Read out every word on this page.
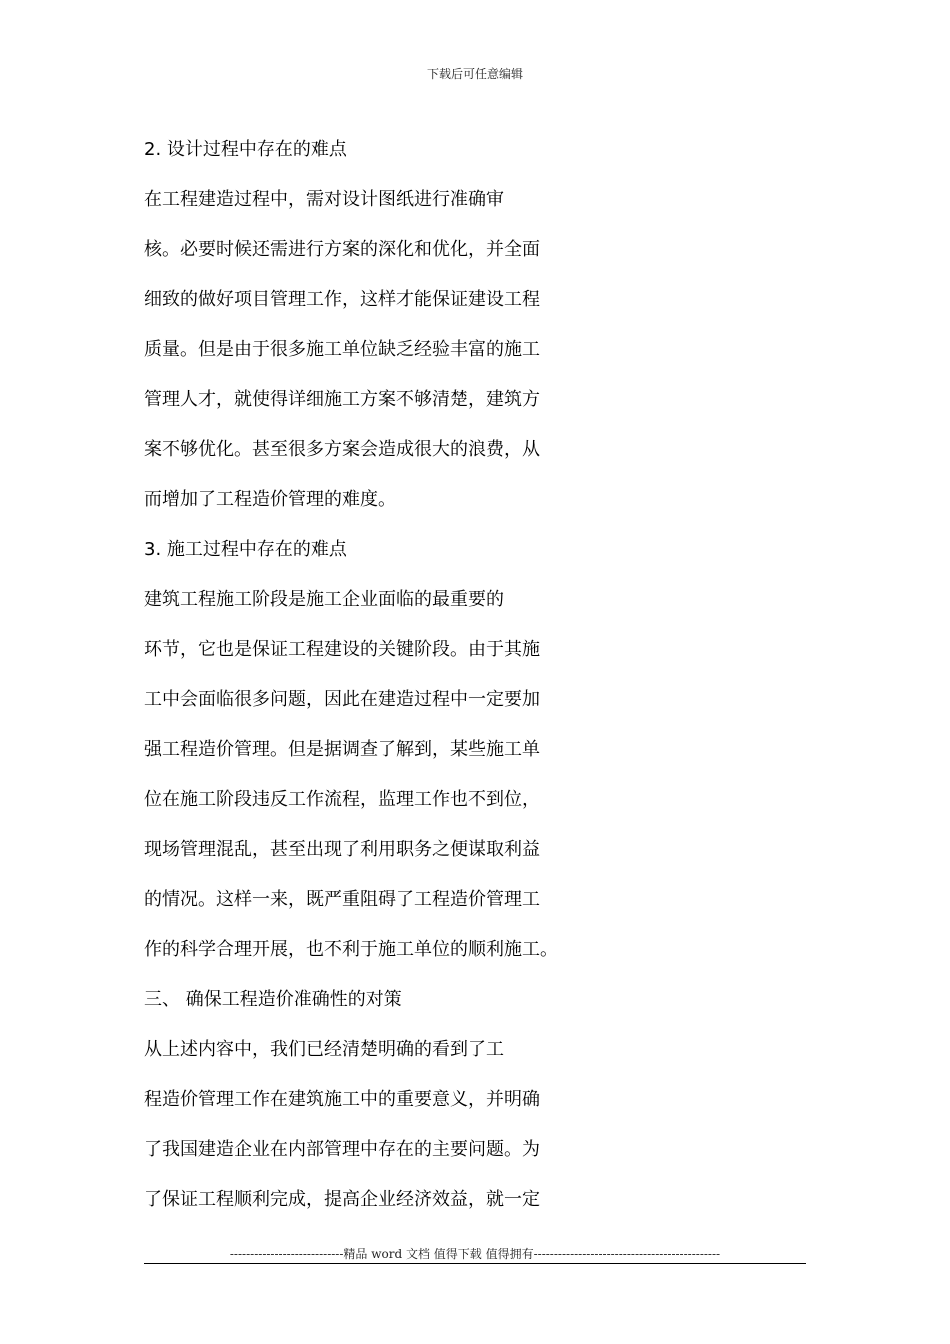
下载后可任意编辑
2. 设计过程中存在的难点
在工程建造过程中，需对设计图纸进行准确审
核。必要时候还需进行方案的深化和优化，并全面
细致的做好项目管理工作，这样才能保证建设工程
质量。但是由于很多施工单位缺乏经验丰富的施工
管理人才，就使得详细施工方案不够清楚，建筑方
案不够优化。甚至很多方案会造成很大的浪费，从
而增加了工程造价管理的难度。
3. 施工过程中存在的难点
建筑工程施工阶段是施工企业面临的最重要的
环节，它也是保证工程建设的关键阶段。由于其施
工中会面临很多问题，因此在建造过程中一定要加
强工程造价管理。但是据调查了解到，某些施工单
位在施工阶段违反工作流程，监理工作也不到位，
现场管理混乱，甚至出现了利用职务之便谋取利益
的情况。这样一来，既严重阻碍了工程造价管理工
作的科学合理开展，也不利于施工单位的顺利施工。
三、 确保工程造价准确性的对策
从上述内容中，我们已经清楚明确的看到了工
程造价管理工作在建筑施工中的重要意义，并明确
了我国建造企业在内部管理中存在的主要问题。为
了保证工程顺利完成，提高企业经济效益，就一定
----------------------------精品 word 文档 值得下载 值得拥有----------------------------------------------
